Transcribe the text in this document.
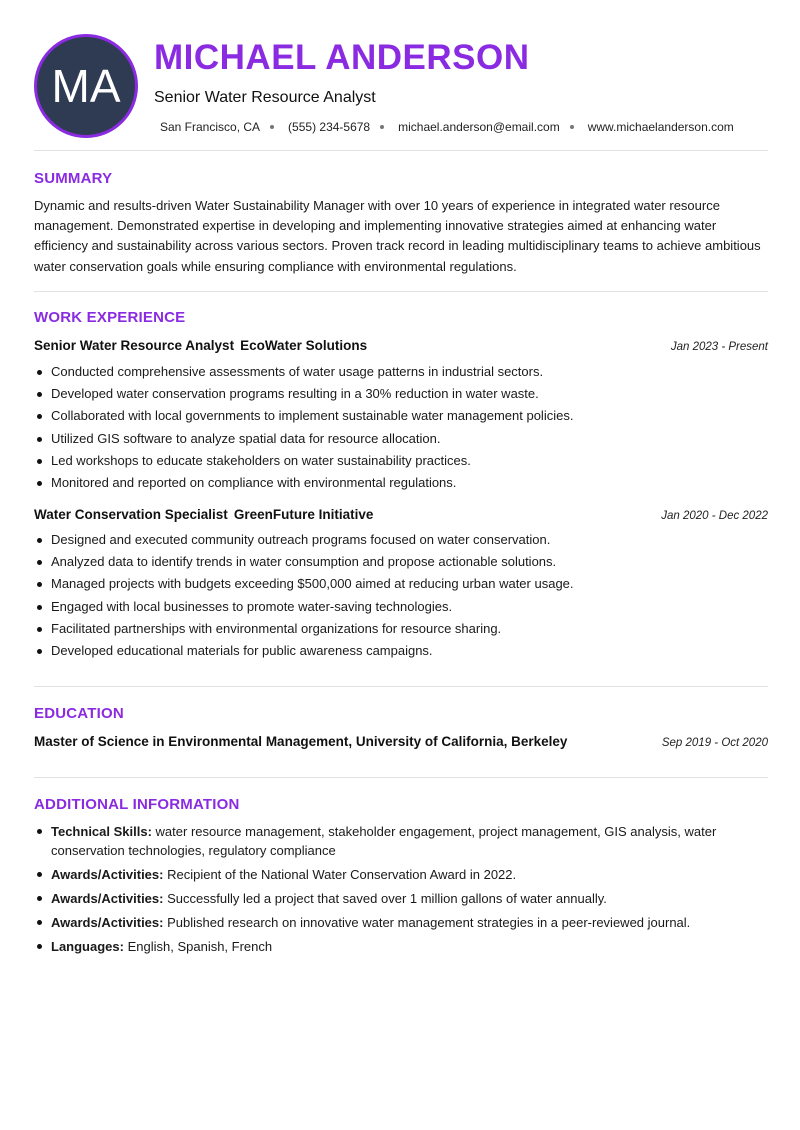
MA
MICHAEL ANDERSON
Senior Water Resource Analyst
San Francisco, CA (555) 234-5678 michael.anderson@email.com www.michaelanderson.com
SUMMARY
Dynamic and results-driven Water Sustainability Manager with over 10 years of experience in integrated water resource management. Demonstrated expertise in developing and implementing innovative strategies aimed at enhancing water efficiency and sustainability across various sectors. Proven track record in leading multidisciplinary teams to achieve ambitious water conservation goals while ensuring compliance with environmental regulations.
WORK EXPERIENCE
Senior Water Resource Analyst EcoWater Solutions	Jan 2023 - Present
Conducted comprehensive assessments of water usage patterns in industrial sectors.
Developed water conservation programs resulting in a 30% reduction in water waste.
Collaborated with local governments to implement sustainable water management policies.
Utilized GIS software to analyze spatial data for resource allocation.
Led workshops to educate stakeholders on water sustainability practices.
Monitored and reported on compliance with environmental regulations.
Water Conservation Specialist GreenFuture Initiative	Jan 2020 - Dec 2022
Designed and executed community outreach programs focused on water conservation.
Analyzed data to identify trends in water consumption and propose actionable solutions.
Managed projects with budgets exceeding $500,000 aimed at reducing urban water usage.
Engaged with local businesses to promote water-saving technologies.
Facilitated partnerships with environmental organizations for resource sharing.
Developed educational materials for public awareness campaigns.
EDUCATION
Master of Science in Environmental Management, University of California, Berkeley	Sep 2019 - Oct 2020
ADDITIONAL INFORMATION
Technical Skills: water resource management, stakeholder engagement, project management, GIS analysis, water conservation technologies, regulatory compliance
Awards/Activities: Recipient of the National Water Conservation Award in 2022.
Awards/Activities: Successfully led a project that saved over 1 million gallons of water annually.
Awards/Activities: Published research on innovative water management strategies in a peer-reviewed journal.
Languages: English, Spanish, French
